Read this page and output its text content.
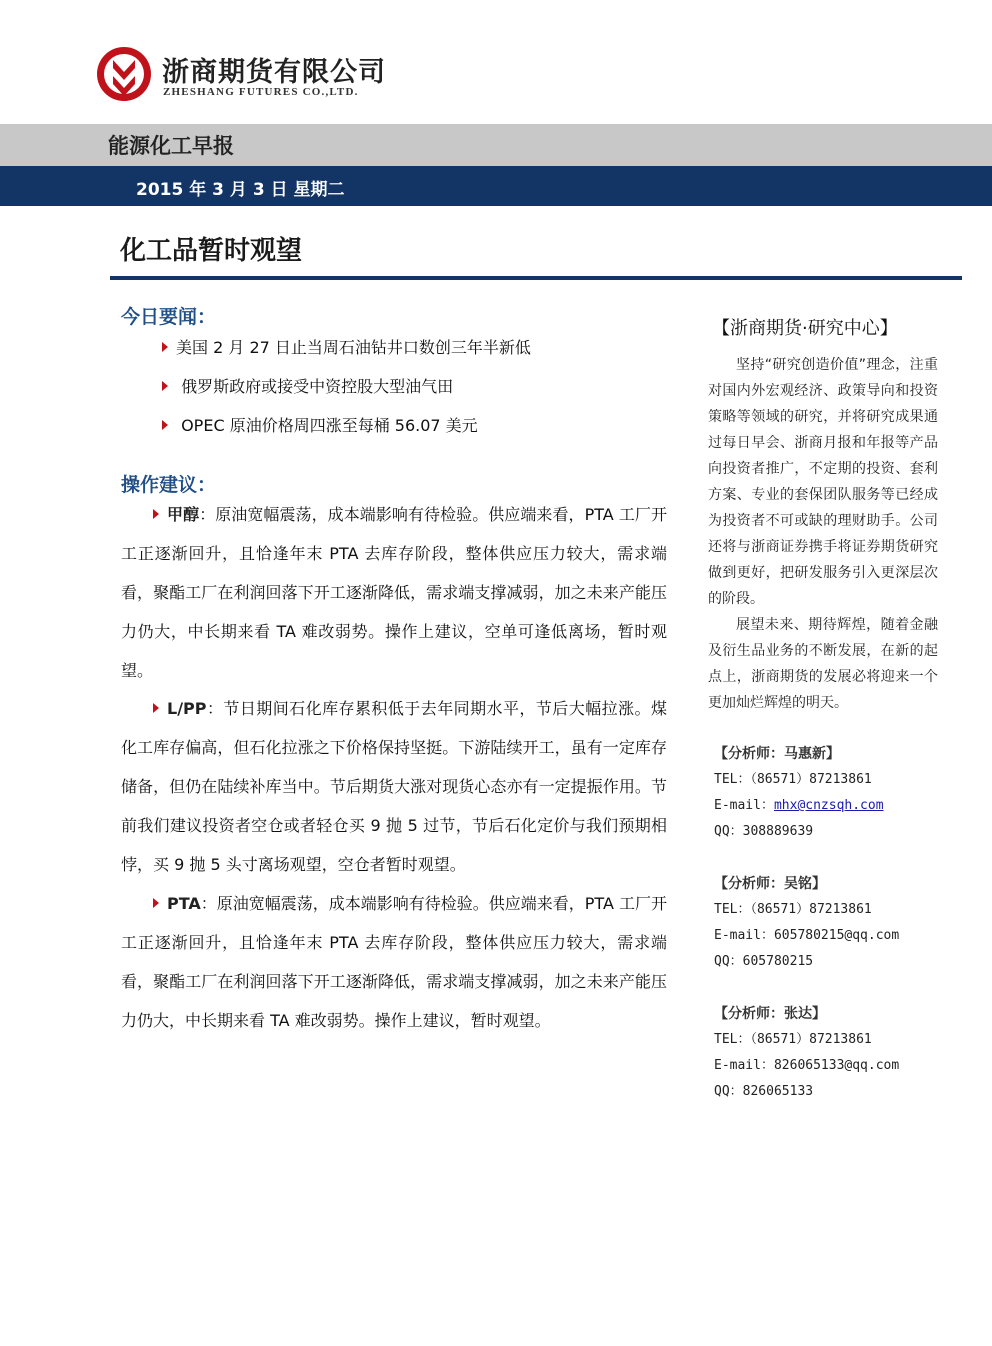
浙商期货有限公司
ZHESHANG FUTURES CO.,LTD.
能源化工早报
2015 年 3 月 3 日 星期二
化工品暂时观望
今日要闻：
美国 2 月 27 日止当周石油钻井口数创三年半新低
俄罗斯政府或接受中资控股大型油气田
OPEC 原油价格周四涨至每桶 56.07 美元
操作建议：
甲醇：原油宽幅震荡，成本端影响有待检验。供应端来看，PTA 工厂开工正逐渐回升，且恰逢年末 PTA 去库存阶段，整体供应压力较大，需求端看，聚酯工厂在利润回落下开工逐渐降低，需求端支撑减弱，加之未来产能压力仍大，中长期来看 TA 难改弱势。操作上建议，空单可逢低离场，暂时观望。
L/PP：节日期间石化库存累积低于去年同期水平，节后大幅拉涨。煤化工库存偏高，但石化拉涨之下价格保持坚挺。下游陆续开工，虽有一定库存储备，但仍在陆续补库当中。节后期货大涨对现货心态亦有一定提振作用。节前我们建议投资者空仓或者轻仓买 9 抛 5 过节，节后石化定价与我们预期相悖，买 9 抛 5 头寸离场观望，空仓者暂时观望。
PTA：原油宽幅震荡，成本端影响有待检验。供应端来看，PTA 工厂开工正逐渐回升，且恰逢年末 PTA 去库存阶段，整体供应压力较大，需求端看，聚酯工厂在利润回落下开工逐渐降低，需求端支撑减弱，加之未来产能压力仍大，中长期来看 TA 难改弱势。操作上建议，暂时观望。
【浙商期货·研究中心】

坚持“研究创造价值”理念，注重对国内外宏观经济、政策导向和投资策略等领域的研究，并将研究成果通过每日早会、浙商月报和年报等产品向投资者推广，不定期的投资、套利方案、专业的套保团队服务等已经成为投资者不可或缺的理财助手。公司还将与浙商证券携手将证券期货研究做到更好，把研发服务引入更深层次的阶段。

展望未来、期待辉煌，随着金融及衍生品业务的不断发展，在新的起点上，浙商期货的发展必将迎来一个更加灿烂辉煌的明天。

【分析师：马惠新】
TEL：（86571）87213861
E-mail：mhx@cnzsqh.com
QQ：308889639
【分析师：吴铭】
TEL：（86571）87213861
E-mail：605780215@qq.com
QQ：605780215
【分析师：张达】
TEL：（86571）87213861
E-mail：826065133@qq.com
QQ：826065133
